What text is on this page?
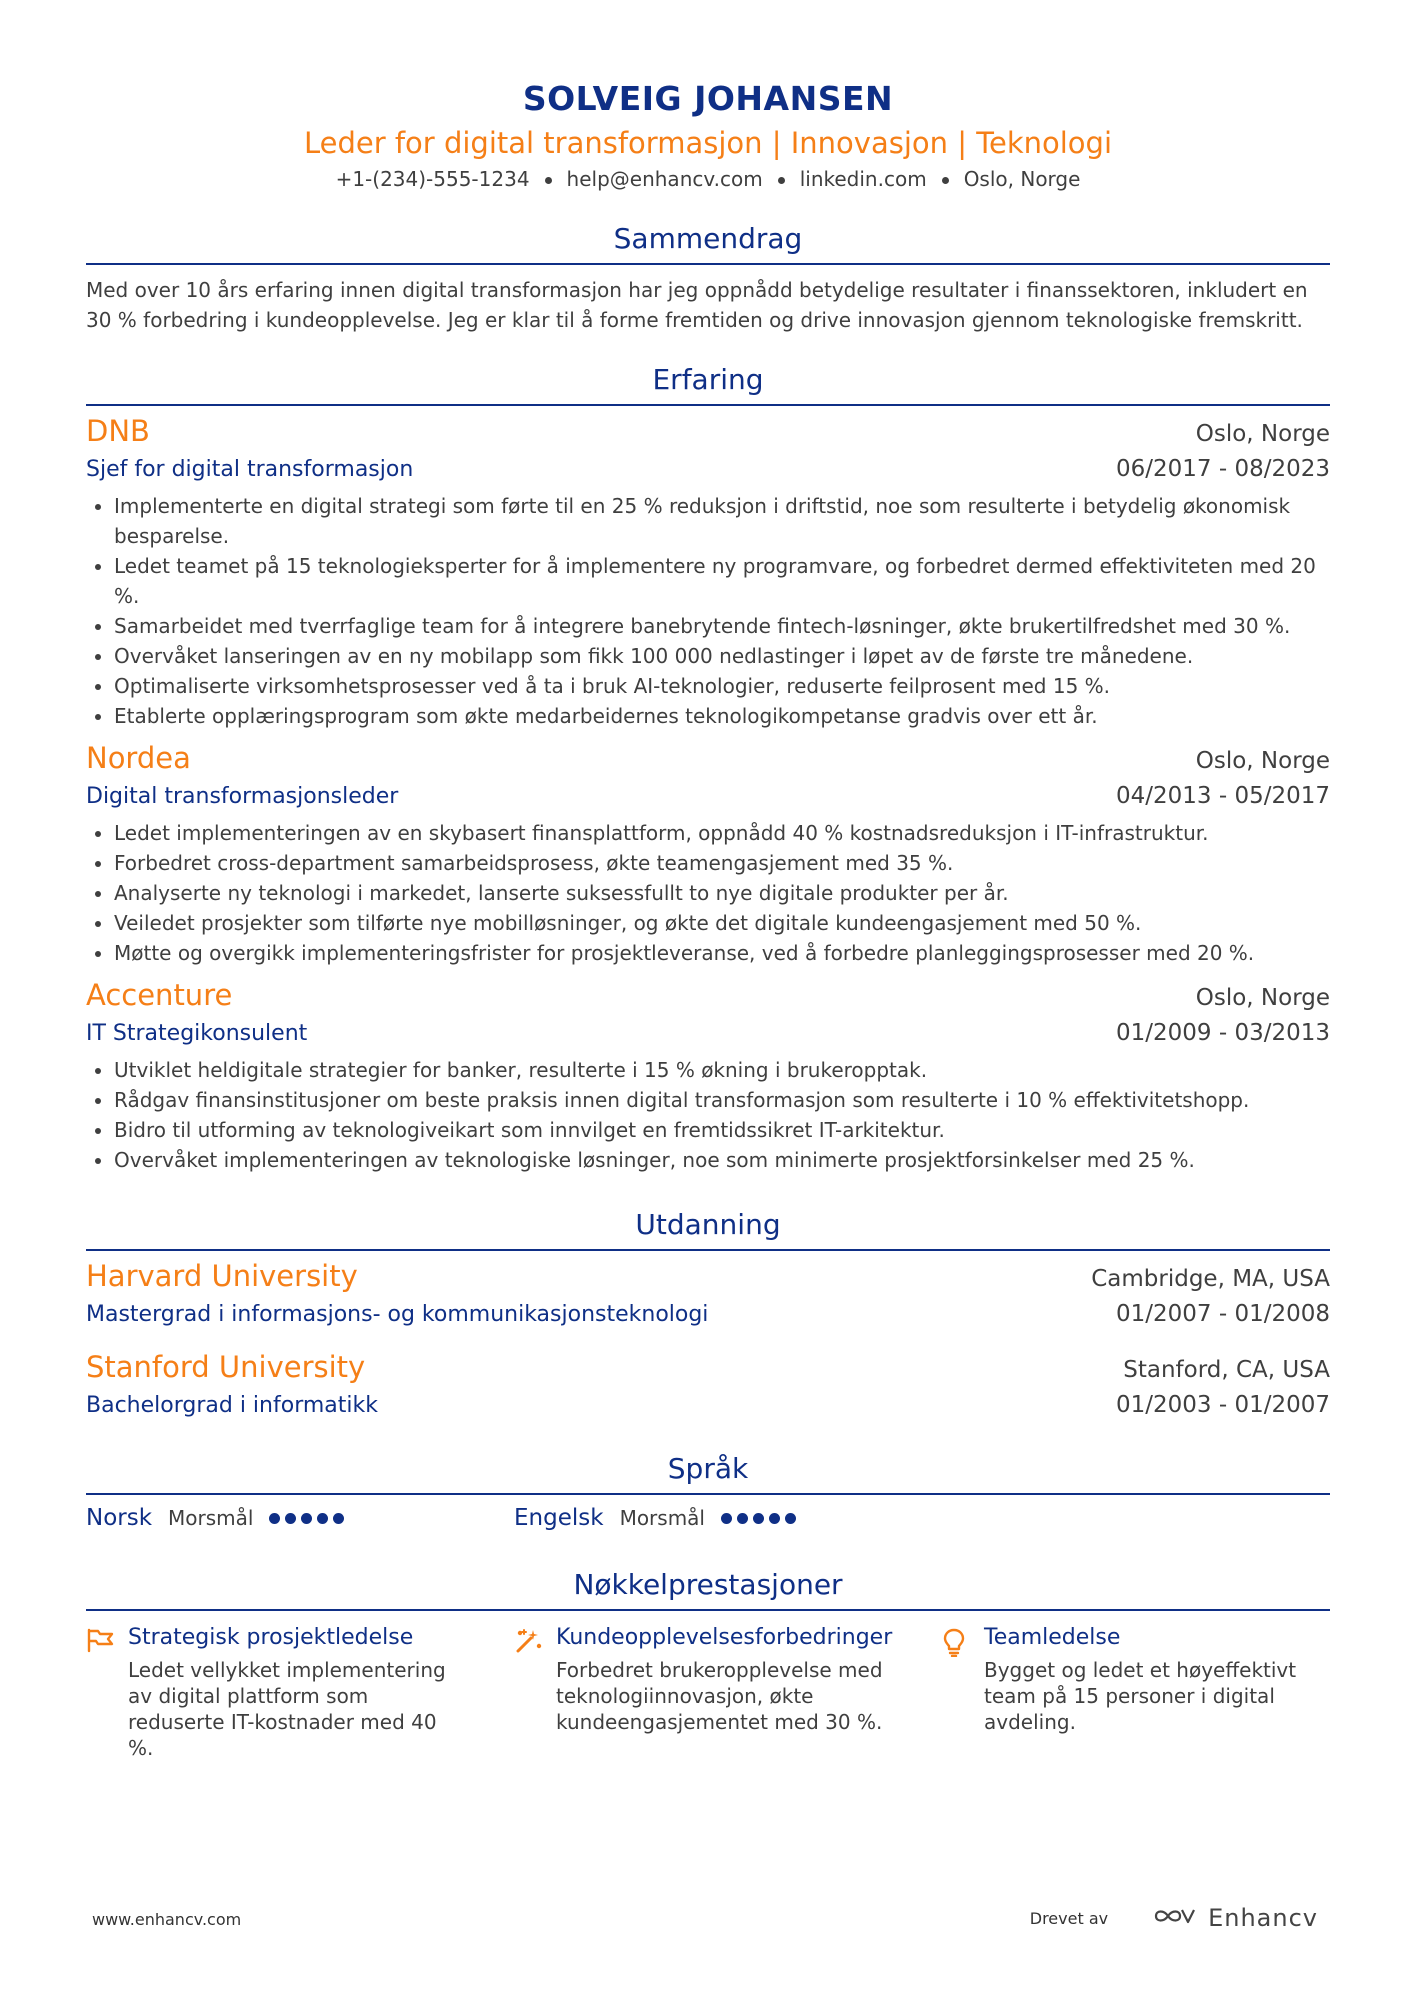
SOLVEIG JOHANSEN
Leder for digital transformasjon | Innovasjon | Teknologi
+1-(234)-555-1234 help@enhancv.com linkedin.com Oslo, Norge
Sammendrag
Med over 10 års erfaring innen digital transformasjon har jeg oppnådd betydelige resultater i finanssektoren, inkludert en 30 % forbedring i kundeopplevelse. Jeg er klar til å forme fremtiden og drive innovasjon gjennom teknologiske fremskritt.
Erfaring
DNB	Oslo, Norge
Sjef for digital transformasjon	06/2017 - 08/2023
Implementerte en digital strategi som førte til en 25 % reduksjon i driftstid, noe som resulterte i betydelig økonomisk besparelse.
Ledet teamet på 15 teknologieksperter for å implementere ny programvare, og forbedret dermed effektiviteten med 20 %.
Samarbeidet med tverrfaglige team for å integrere banebrytende fintech-løsninger, økte brukertilfredshet med 30 %.
Overvåket lanseringen av en ny mobilapp som fikk 100 000 nedlastinger i løpet av de første tre månedene.
Optimaliserte virksomhetsprosesser ved å ta i bruk AI-teknologier, reduserte feilprosent med 15 %.
Etablerte opplæringsprogram som økte medarbeidernes teknologikompetanse gradvis over ett år.
Nordea	Oslo, Norge
Digital transformasjonsleder	04/2013 - 05/2017
Ledet implementeringen av en skybasert finansplattform, oppnådd 40 % kostnadsreduksjon i IT-infrastruktur.
Forbedret cross-department samarbeidsprosess, økte teamengasjement med 35 %.
Analyserte ny teknologi i markedet, lanserte suksessfullt to nye digitale produkter per år.
Veiledet prosjekter som tilførte nye mobilløsninger, og økte det digitale kundeengasjement med 50 %.
Møtte og overgikk implementeringsfrister for prosjektleveranse, ved å forbedre planleggingsprosesser med 20 %.
Accenture	Oslo, Norge
IT Strategikonsulent	01/2009 - 03/2013
Utviklet heldigitale strategier for banker, resulterte i 15 % økning i brukeropptak.
Rådgav finansinstitusjoner om beste praksis innen digital transformasjon som resulterte i 10 % effektivitetshopp.
Bidro til utforming av teknologiveikart som innvilget en fremtidssikret IT-arkitektur.
Overvåket implementeringen av teknologiske løsninger, noe som minimerte prosjektforsinkelser med 25 %.
Utdanning
Harvard University	Cambridge, MA, USA
Mastergrad i informasjons- og kommunikasjonsteknologi	01/2007 - 01/2008
Stanford University	Stanford, CA, USA
Bachelorgrad i informatikk	01/2003 - 01/2007
Språk
Norsk Morsmål	Engelsk Morsmål
Nøkkelprestasjoner
Strategisk prosjektledelse
Ledet vellykket implementering av digital plattform som reduserte IT-kostnader med 40 %.
Kundeopplevelsesforbedringer
Forbedret brukeropplevelse med teknologiinnovasjon, økte kundeengasjementet med 30 %.
Teamledelse
Bygget og ledet et høyeffektivt team på 15 personer i digital avdeling.
www.enhancv.com	Drevet av	Enhancv
